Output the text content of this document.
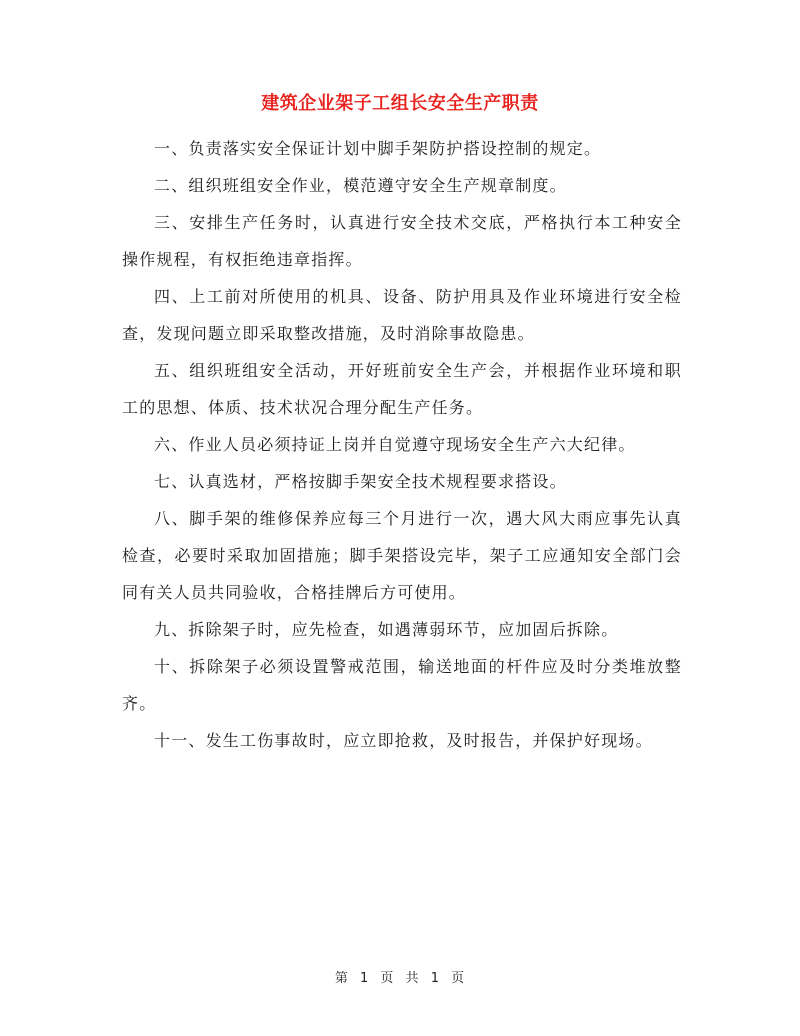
建筑企业架子工组长安全生产职责

一、负责落实安全保证计划中脚手架防护搭设控制的规定。

二、组织班组安全作业，模范遵守安全生产规章制度。

三、安排生产任务时，认真进行安全技术交底，严格执行本工种安全操作规程，有权拒绝违章指挥。

四、上工前对所使用的机具、设备、防护用具及作业环境进行安全检查，发现问题立即采取整改措施，及时消除事故隐患。

五、组织班组安全活动，开好班前安全生产会，并根据作业环境和职工的思想、体质、技术状况合理分配生产任务。

六、作业人员必须持证上岗并自觉遵守现场安全生产六大纪律。

七、认真选材，严格按脚手架安全技术规程要求搭设。

八、脚手架的维修保养应每三个月进行一次，遇大风大雨应事先认真检查，必要时采取加固措施；脚手架搭设完毕，架子工应通知安全部门会同有关人员共同验收，合格挂牌后方可使用。

九、拆除架子时，应先检查，如遇薄弱环节，应加固后拆除。

十、拆除架子必须设置警戒范围，输送地面的杆件应及时分类堆放整齐。

十一、发生工伤事故时，应立即抢救，及时报告，并保护好现场。

第 1 页 共 1 页
